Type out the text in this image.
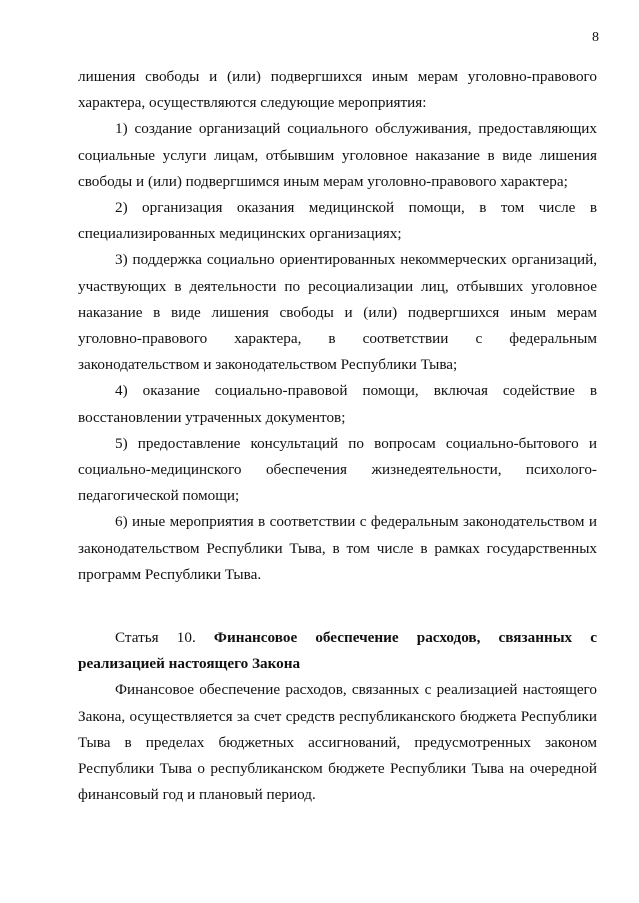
8

лишения свободы и (или) подвергшихся иным мерам уголовно-правового характера, осуществляются следующие мероприятия:

1) создание организаций социального обслуживания, предоставляющих социальные услуги лицам, отбывшим уголовное наказание в виде лишения свободы и (или) подвергшимся иным мерам уголовно-правового характера;

2) организация оказания медицинской помощи, в том числе в специализированных медицинских организациях;

3) поддержка социально ориентированных некоммерческих организаций, участвующих в деятельности по ресоциализации лиц, отбывших уголовное наказание в виде лишения свободы и (или) подвергшихся иным мерам уголовно-правового характера, в соответствии с федеральным законодательством и законодательством Республики Тыва;

4) оказание социально-правовой помощи, включая содействие в восстановлении утраченных документов;

5) предоставление консультаций по вопросам социально-бытового и социально-медицинского обеспечения жизнедеятельности, психолого-педагогической помощи;

6) иные мероприятия в соответствии с федеральным законодательством и законодательством Республики Тыва, в том числе в рамках государственных программ Республики Тыва.

Статья 10. Финансовое обеспечение расходов, связанных с реализацией настоящего Закона

Финансовое обеспечение расходов, связанных с реализацией настоящего Закона, осуществляется за счет средств республиканского бюджета Республики Тыва в пределах бюджетных ассигнований, предусмотренных законом Республики Тыва о республиканском бюджете Республики Тыва на очередной финансовый год и плановый период.
